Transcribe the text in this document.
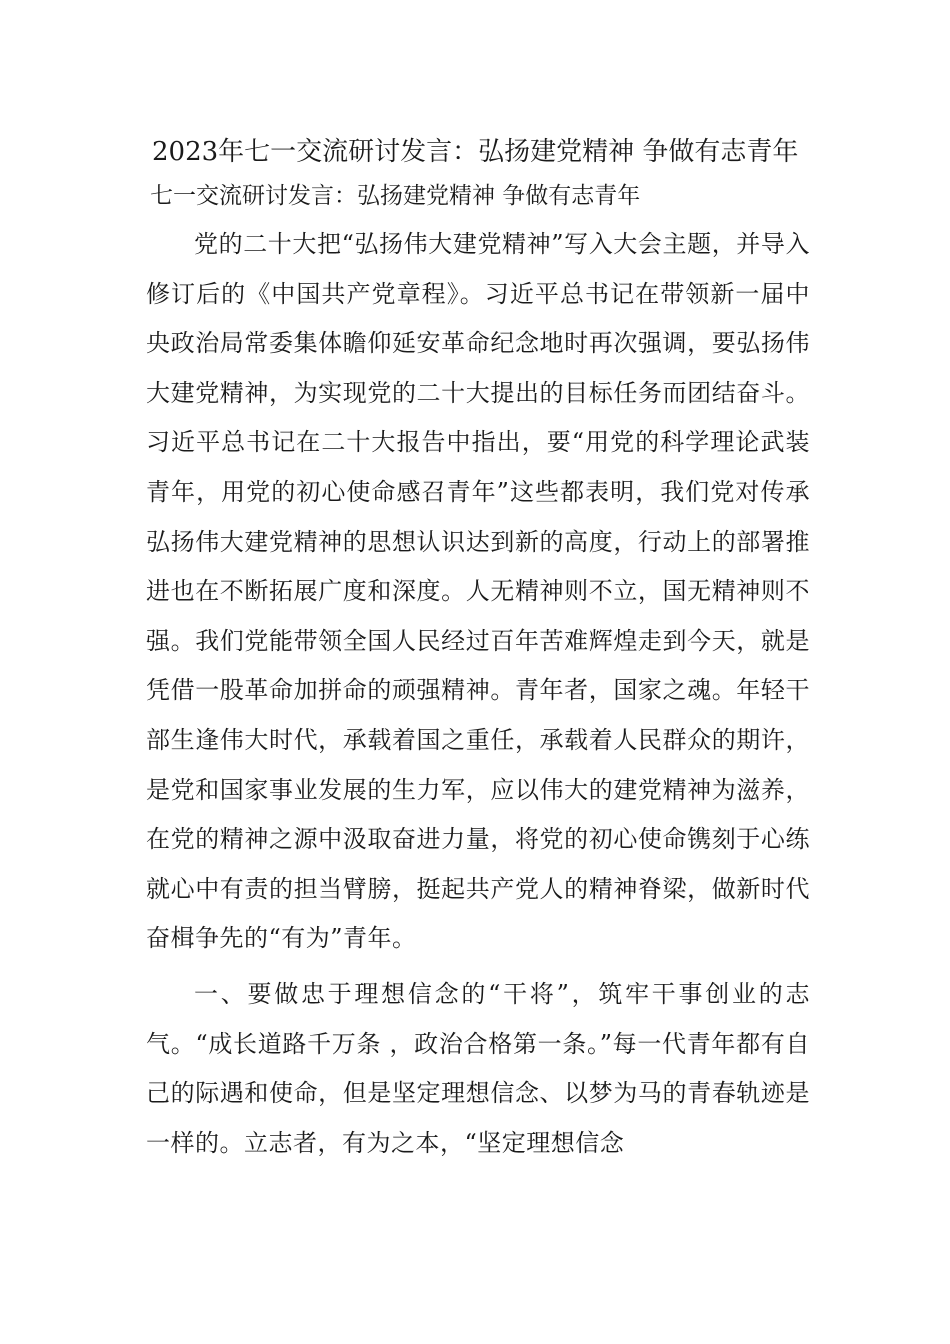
2023年七一交流研讨发言：弘扬建党精神 争做有志青年
七一交流研讨发言：弘扬建党精神 争做有志青年

党的二十大把“弘扬伟大建党精神”写入大会主题，并导入修订后的《中国共产党章程》。习近平总书记在带领新一届中央政治局常委集体瞻仰延安革命纪念地时再次强调，要弘扬伟大建党精神，为实现党的二十大提出的目标任务而团结奋斗。习近平总书记在二十大报告中指出，要“用党的科学理论武装青年，用党的初心使命感召青年”这些都表明，我们党对传承弘扬伟大建党精神的思想认识达到新的高度，行动上的部署推进也在不断拓展广度和深度。人无精神则不立，国无精神则不强。我们党能带领全国人民经过百年苦难辉煌走到今天，就是凭借一股革命加拼命的顽强精神。青年者，国家之魂。年轻干部生逢伟大时代，承载着国之重任，承载着人民群众的期许，是党和国家事业发展的生力军，应以伟大的建党精神为滋养，在党的精神之源中汲取奋进力量，将党的初心使命镌刻于心练就心中有责的担当臂膀，挺起共产党人的精神脊梁，做新时代奋楫争先的“有为”青年。

一、要做忠于理想信念的“干将”，筑牢干事创业的志气。“成长道路千万条 ，政治合格第一条。”每一代青年都有自己的际遇和使命，但是坚定理想信念、以梦为马的青春轨迹是一样的。立志者，有为之本，“坚定理想信念
